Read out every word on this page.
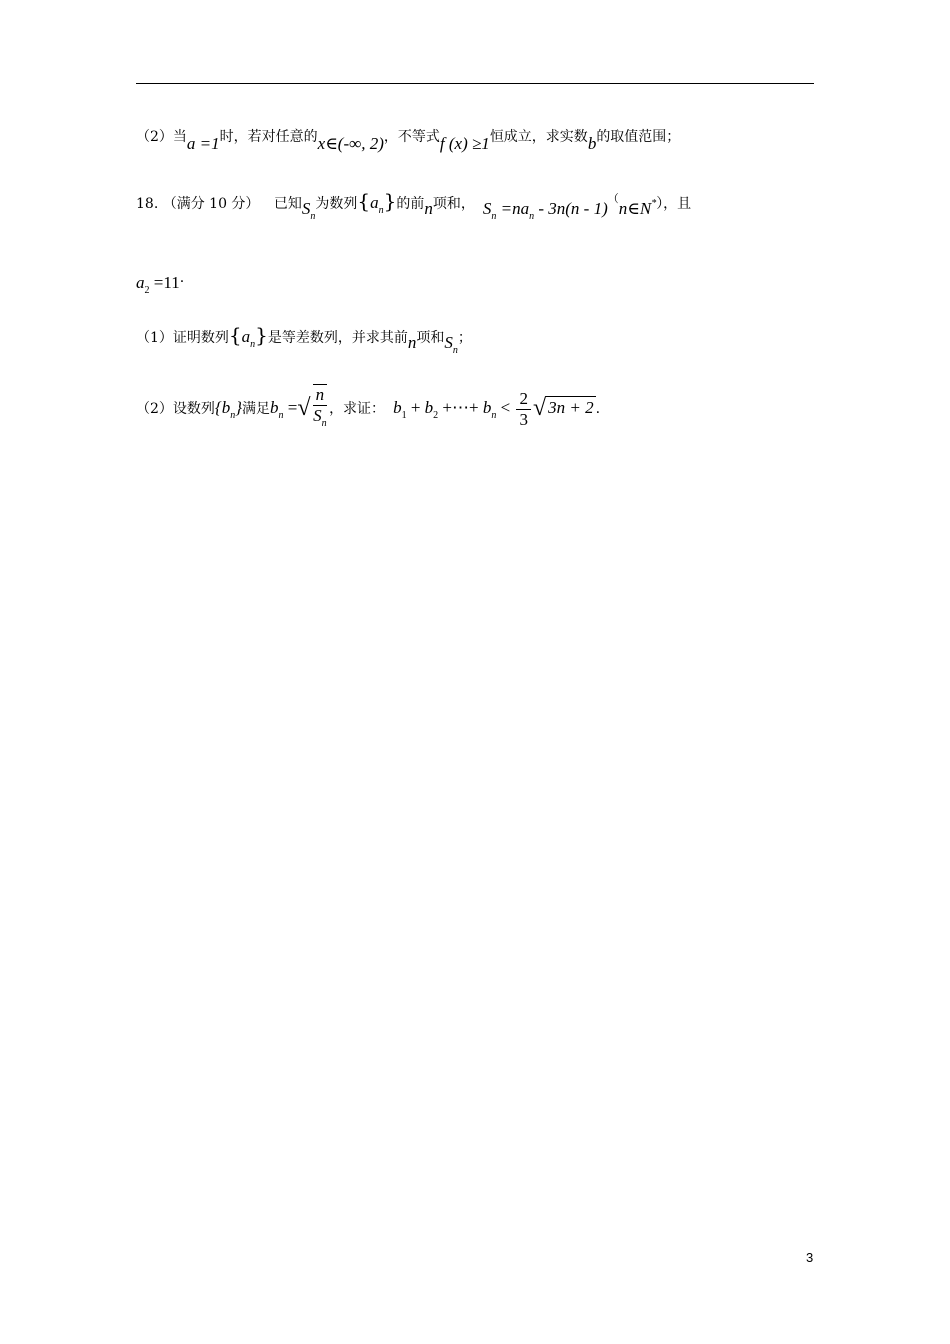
（2）当a =1时，若对任意的x∈(-∞, 2)，不等式f (x) ≥1恒成立，求实数b的取值范围；
18. （满分 10 分） 已知$S_n$为数列$\{a_n\}$的前n项和， $S_n =na_n - 3n(n$ - 1)（n∈N*），且
$a_2 =11$.
（1）证明数列$\{a_n\}$是等差数列，并求其前n项和$S_n$；
（2）设数列$\{b_n\}$满足$b_n$ =√ $\frac{n}{S_n}$ ，求证： $b_1 + b_2$ +⋯+ $b_n < \frac{2}{3}$ √ 3n + 2 .
3
